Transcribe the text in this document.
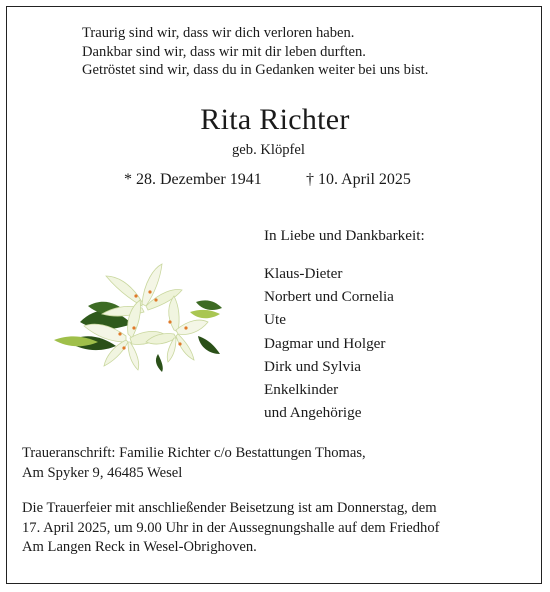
Traurig sind wir, dass wir dich verloren haben.
Dankbar sind wir, dass wir mit dir leben durften.
Getröstet sind wir, dass du in Gedanken weiter bei uns bist.
Rita Richter
geb. Klöpfel
* 28. Dezember 1941	† 10. April 2025
In Liebe und Dankbarkeit:
Klaus-Dieter
Norbert und Cornelia
Ute
Dagmar und Holger
Dirk und Sylvia
Enkelkinder
und Angehörige
Traueranschrift: Familie Richter c/o Bestattungen Thomas,
Am Spyker 9, 46485 Wesel
Die Trauerfeier mit anschließender Beisetzung ist am Donnerstag, dem
17. April 2025, um 9.00 Uhr in der Aussegnungshalle auf dem Friedhof
Am Langen Reck in Wesel-Obrighoven.
